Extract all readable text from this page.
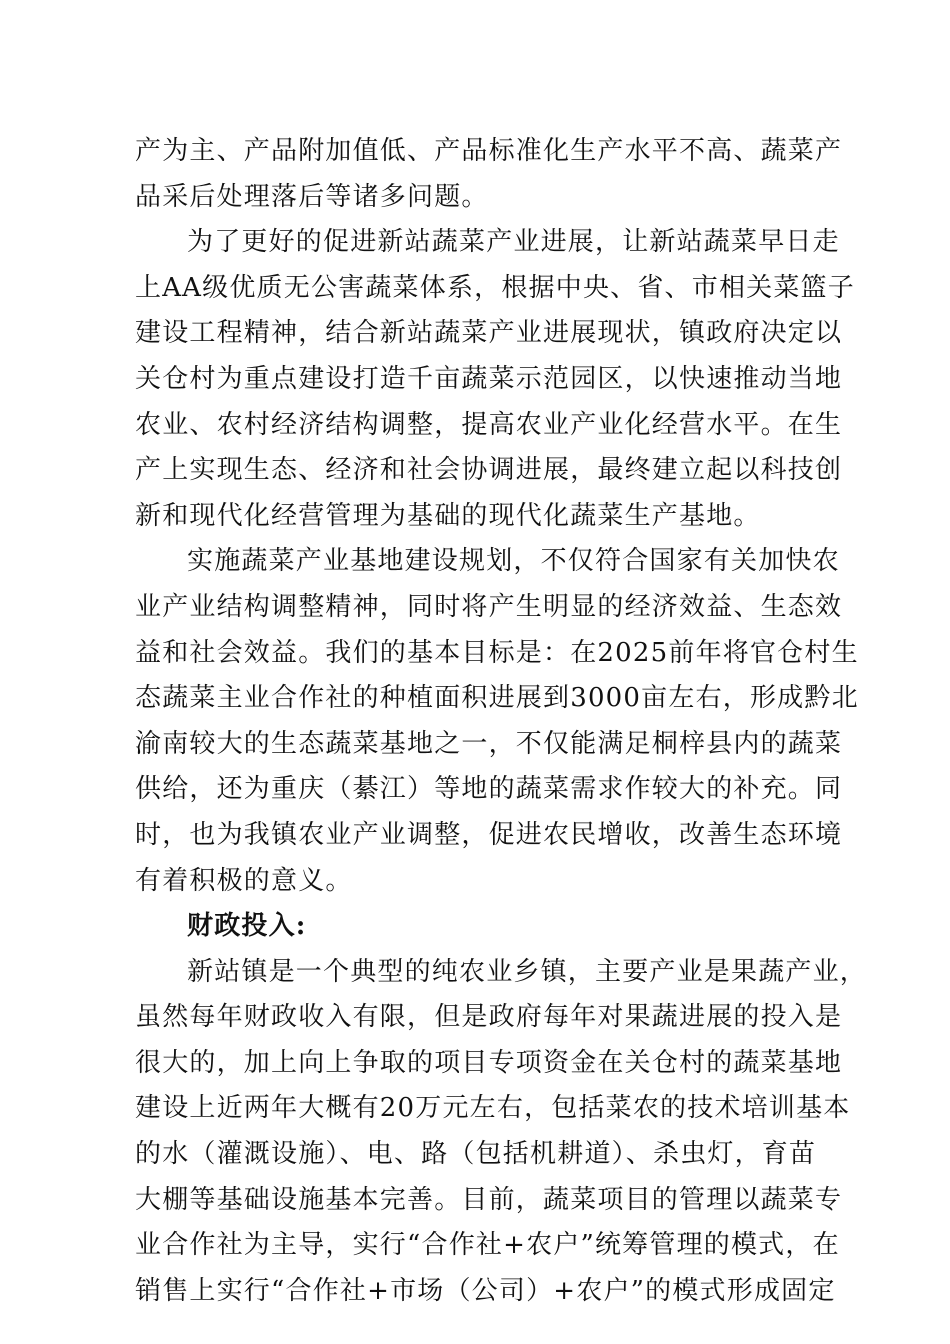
产为主、产品附加值低、产品标准化生产水平不高、蔬菜产
品采后处理落后等诸多问题。
为了更好的促进新站蔬菜产业进展，让新站蔬菜早日走
上AA级优质无公害蔬菜体系，根据中央、省、市相关菜篮子
建设工程精神，结合新站蔬菜产业进展现状，镇政府决定以
关仓村为重点建设打造千亩蔬菜示范园区，以快速推动当地
农业、农村经济结构调整，提高农业产业化经营水平。在生
产上实现生态、经济和社会协调进展，最终建立起以科技创
新和现代化经营管理为基础的现代化蔬菜生产基地。
实施蔬菜产业基地建设规划，不仅符合国家有关加快农
业产业结构调整精神，同时将产生明显的经济效益、生态效
益和社会效益。我们的基本目标是：在2025前年将官仓村生
态蔬菜主业合作社的种植面积进展到3000亩左右，形成黔北
渝南较大的生态蔬菜基地之一，不仅能满足桐梓县内的蔬菜
供给，还为重庆（綦江）等地的蔬菜需求作较大的补充。同
时，也为我镇农业产业调整，促进农民增收，改善生态环境
有着积极的意义。
财政投入:
新站镇是一个典型的纯农业乡镇，主要产业是果蔬产业，
虽然每年财政收入有限，但是政府每年对果蔬进展的投入是
很大的，加上向上争取的项目专项资金在关仓村的蔬菜基地
建设上近两年大概有20万元左右，包括菜农的技术培训基本
的水（灌溉设施）、电、路（包括机耕道）、杀虫灯，育苗
大棚等基础设施基本完善。目前，蔬菜项目的管理以蔬菜专
业合作社为主导，实行“合作社+农户”统筹管理的模式，在
销售上实行“合作社+市场（公司）+农户”的模式形成固定
